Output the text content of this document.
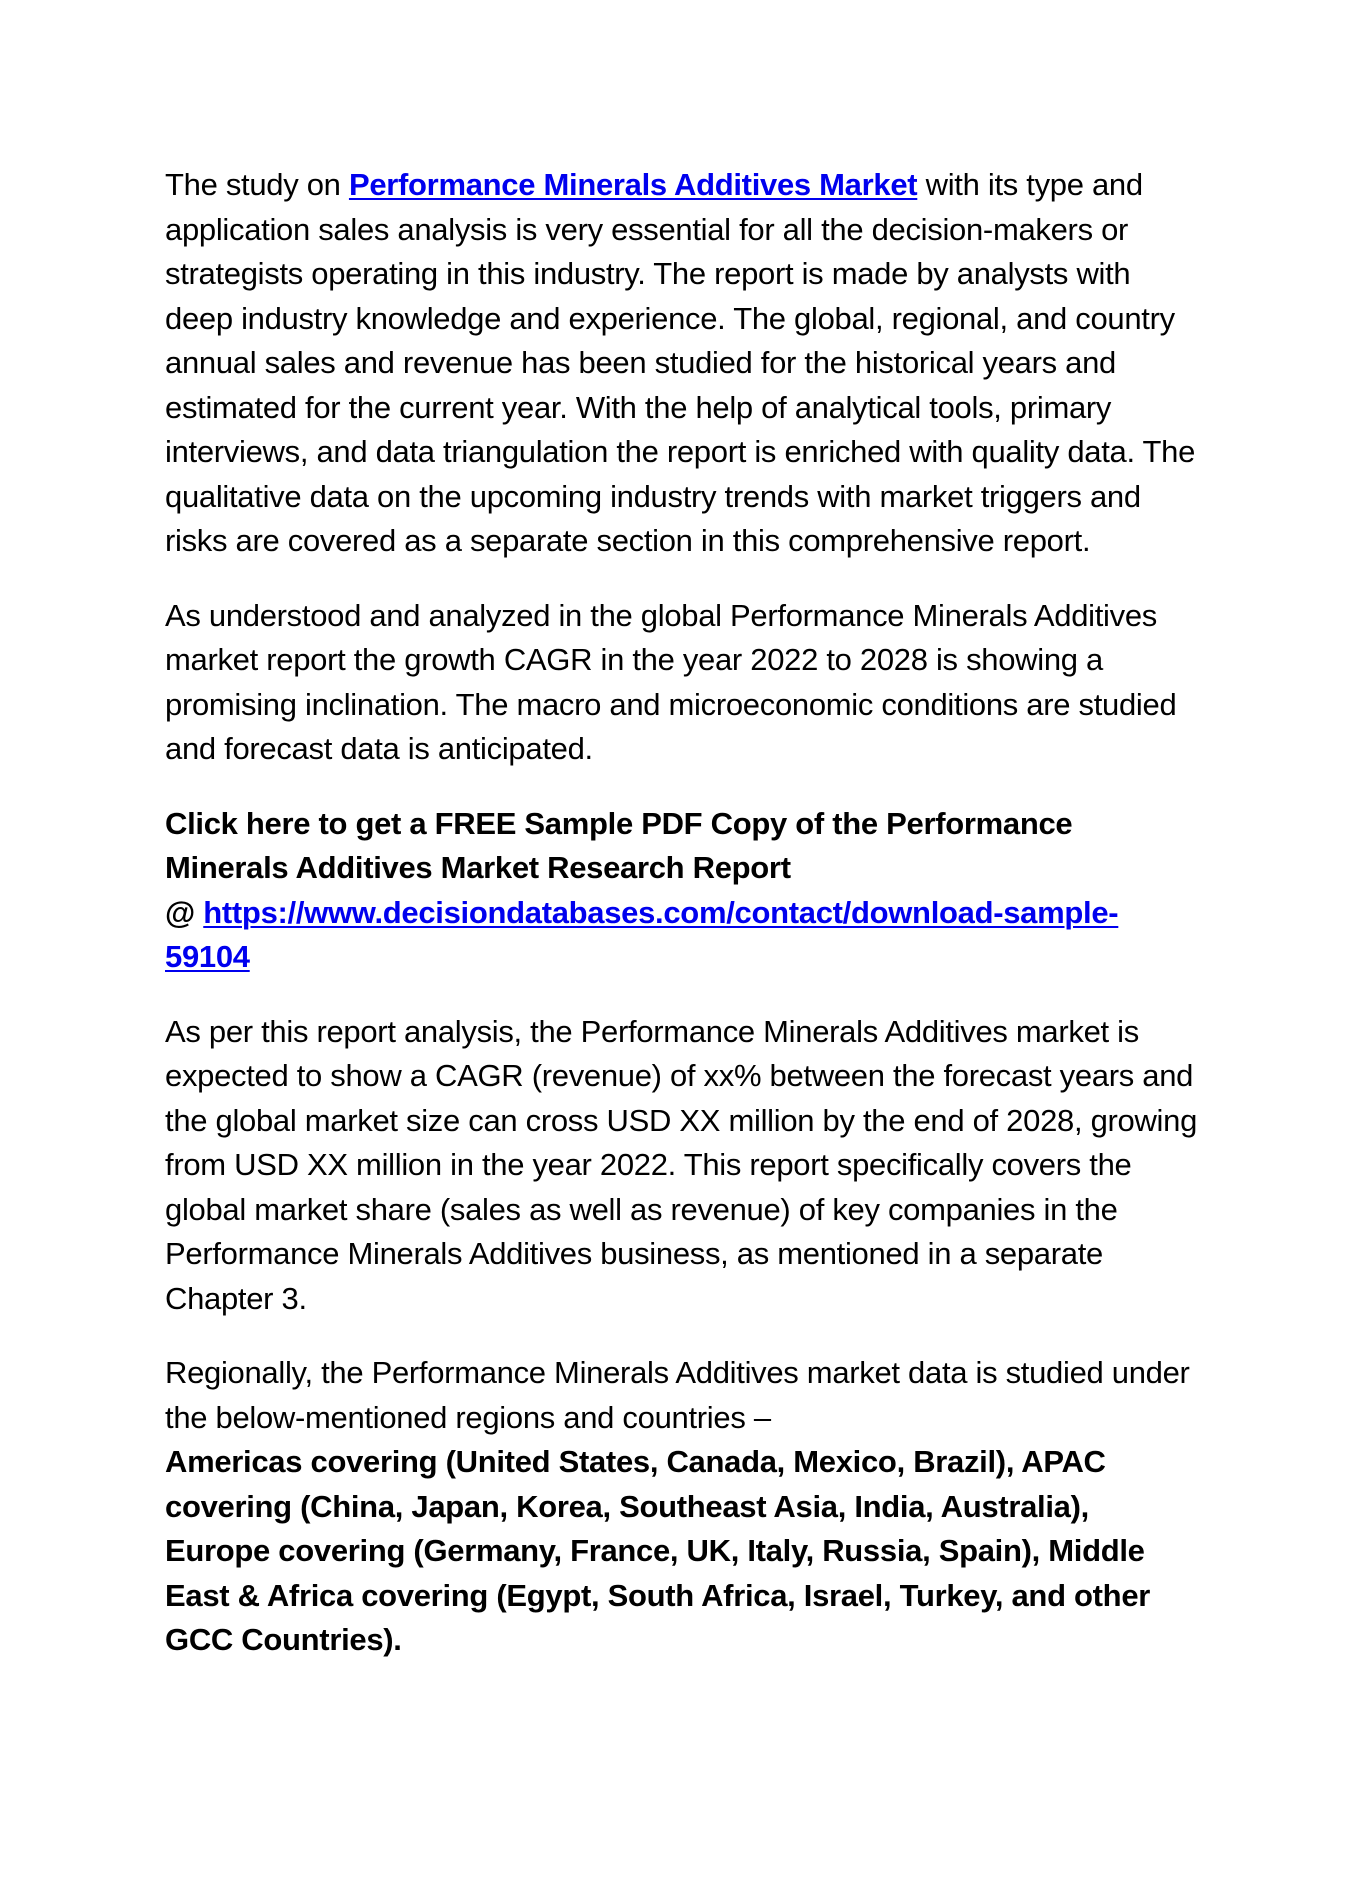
The study on Performance Minerals Additives Market with its type and application sales analysis is very essential for all the decision-makers or strategists operating in this industry. The report is made by analysts with deep industry knowledge and experience. The global, regional, and country annual sales and revenue has been studied for the historical years and estimated for the current year. With the help of analytical tools, primary interviews, and data triangulation the report is enriched with quality data. The qualitative data on the upcoming industry trends with market triggers and risks are covered as a separate section in this comprehensive report.

As understood and analyzed in the global Performance Minerals Additives market report the growth CAGR in the year 2022 to 2028 is showing a promising inclination. The macro and microeconomic conditions are studied and forecast data is anticipated.

Click here to get a FREE Sample PDF Copy of the Performance Minerals Additives Market Research Report
@ https://www.decisiondatabases.com/contact/download-sample-59104

As per this report analysis, the Performance Minerals Additives market is expected to show a CAGR (revenue) of xx% between the forecast years and the global market size can cross USD XX million by the end of 2028, growing from USD XX million in the year 2022. This report specifically covers the global market share (sales as well as revenue) of key companies in the Performance Minerals Additives business, as mentioned in a separate Chapter 3.

Regionally, the Performance Minerals Additives market data is studied under the below-mentioned regions and countries –
Americas covering (United States, Canada, Mexico, Brazil), APAC covering (China, Japan, Korea, Southeast Asia, India, Australia), Europe covering (Germany, France, UK, Italy, Russia, Spain), Middle East & Africa covering (Egypt, South Africa, Israel, Turkey, and other GCC Countries).
